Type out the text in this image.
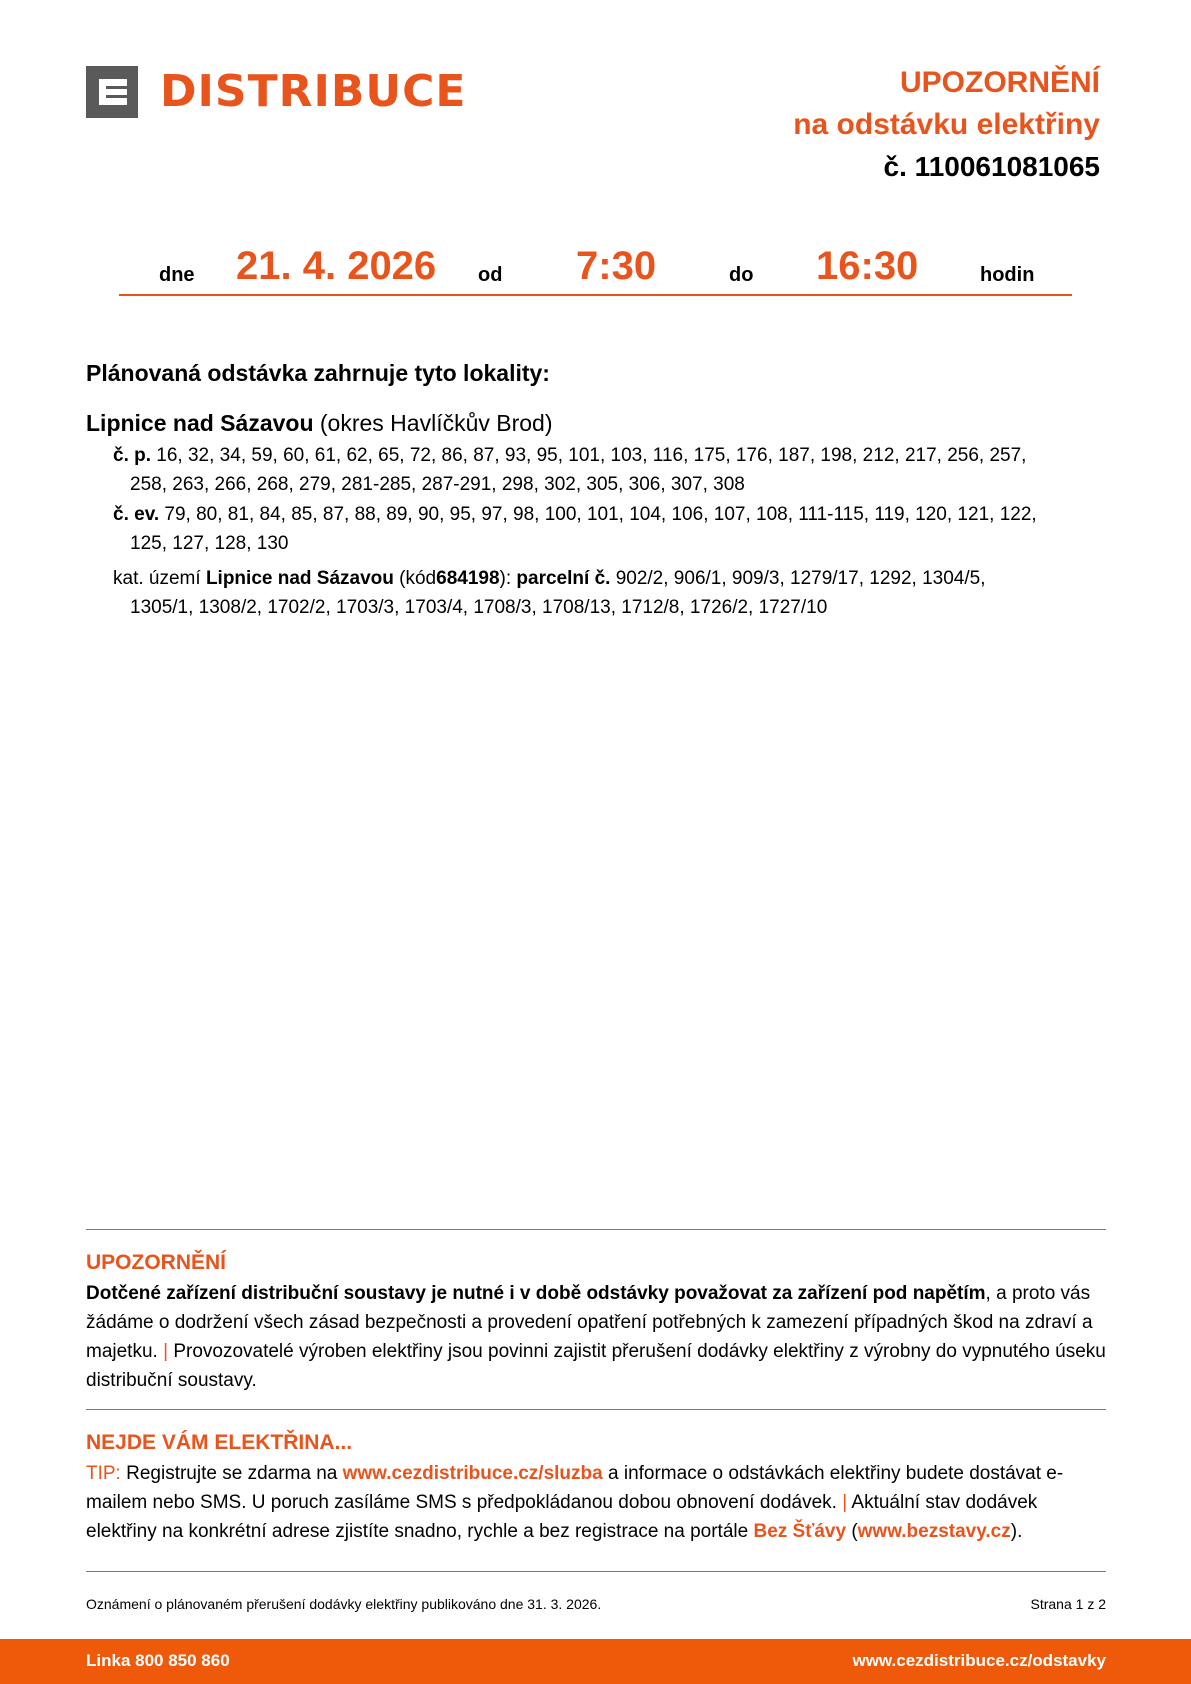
DISTRIBUCE	UPOZORNĚNÍ
na odstávku elektřiny
č. 110061081065
dne 21. 4. 2026 od 7:30	do 16:30	hodin
Plánovaná odstávka zahrnuje tyto lokality:
Lipnice nad Sázavou (okres Havlíčkův Brod)
č. p. 16, 32, 34, 59, 60, 61, 62, 65, 72, 86, 87, 93, 95, 101, 103, 116, 175, 176, 187, 198, 212, 217, 256, 257,
258, 263, 266, 268, 279, 281-285, 287-291, 298, 302, 305, 306, 307, 308
č. ev. 79, 80, 81, 84, 85, 87, 88, 89, 90, 95, 97, 98, 100, 101, 104, 106, 107, 108, 111-115, 119, 120, 121, 122,
125, 127, 128, 130
kat. území Lipnice nad Sázavou (kód684198): parcelní č. 902/2, 906/1, 909/3, 1279/17, 1292, 1304/5,
1305/1, 1308/2, 1702/2, 1703/3, 1703/4, 1708/3, 1708/13, 1712/8, 1726/2, 1727/10
UPOZORNĚNÍ
Dotčené zařízení distribuční soustavy je nutné i v době odstávky považovat za zařízení pod napětím, a proto vás žádáme o dodržení všech zásad bezpečnosti a provedení opatření potřebných k zamezení případných škod na zdraví a majetku. | Provozovatelé výroben elektřiny jsou povinni zajistit přerušení dodávky elektřiny z výrobny do vypnutého úseku distribuční soustavy.
NEJDE VÁM ELEKTŘINA...
TIP: Registrujte se zdarma na www.cezdistribuce.cz/sluzba a informace o odstávkách elektřiny budete dostávat e-mailem nebo SMS. U poruch zasíláme SMS s předpokládanou dobou obnovení dodávek. | Aktuální stav dodávek elektřiny na konkrétní adrese zjistíte snadno, rychle a bez registrace na portále Bez Šťávy (www.bezstavy.cz).
Oznámení o plánovaném přerušení dodávky elektřiny publikováno dne 31. 3. 2026.	Strana 1 z 2
Linka 800 850 860	www.cezdistribuce.cz/odstavky
